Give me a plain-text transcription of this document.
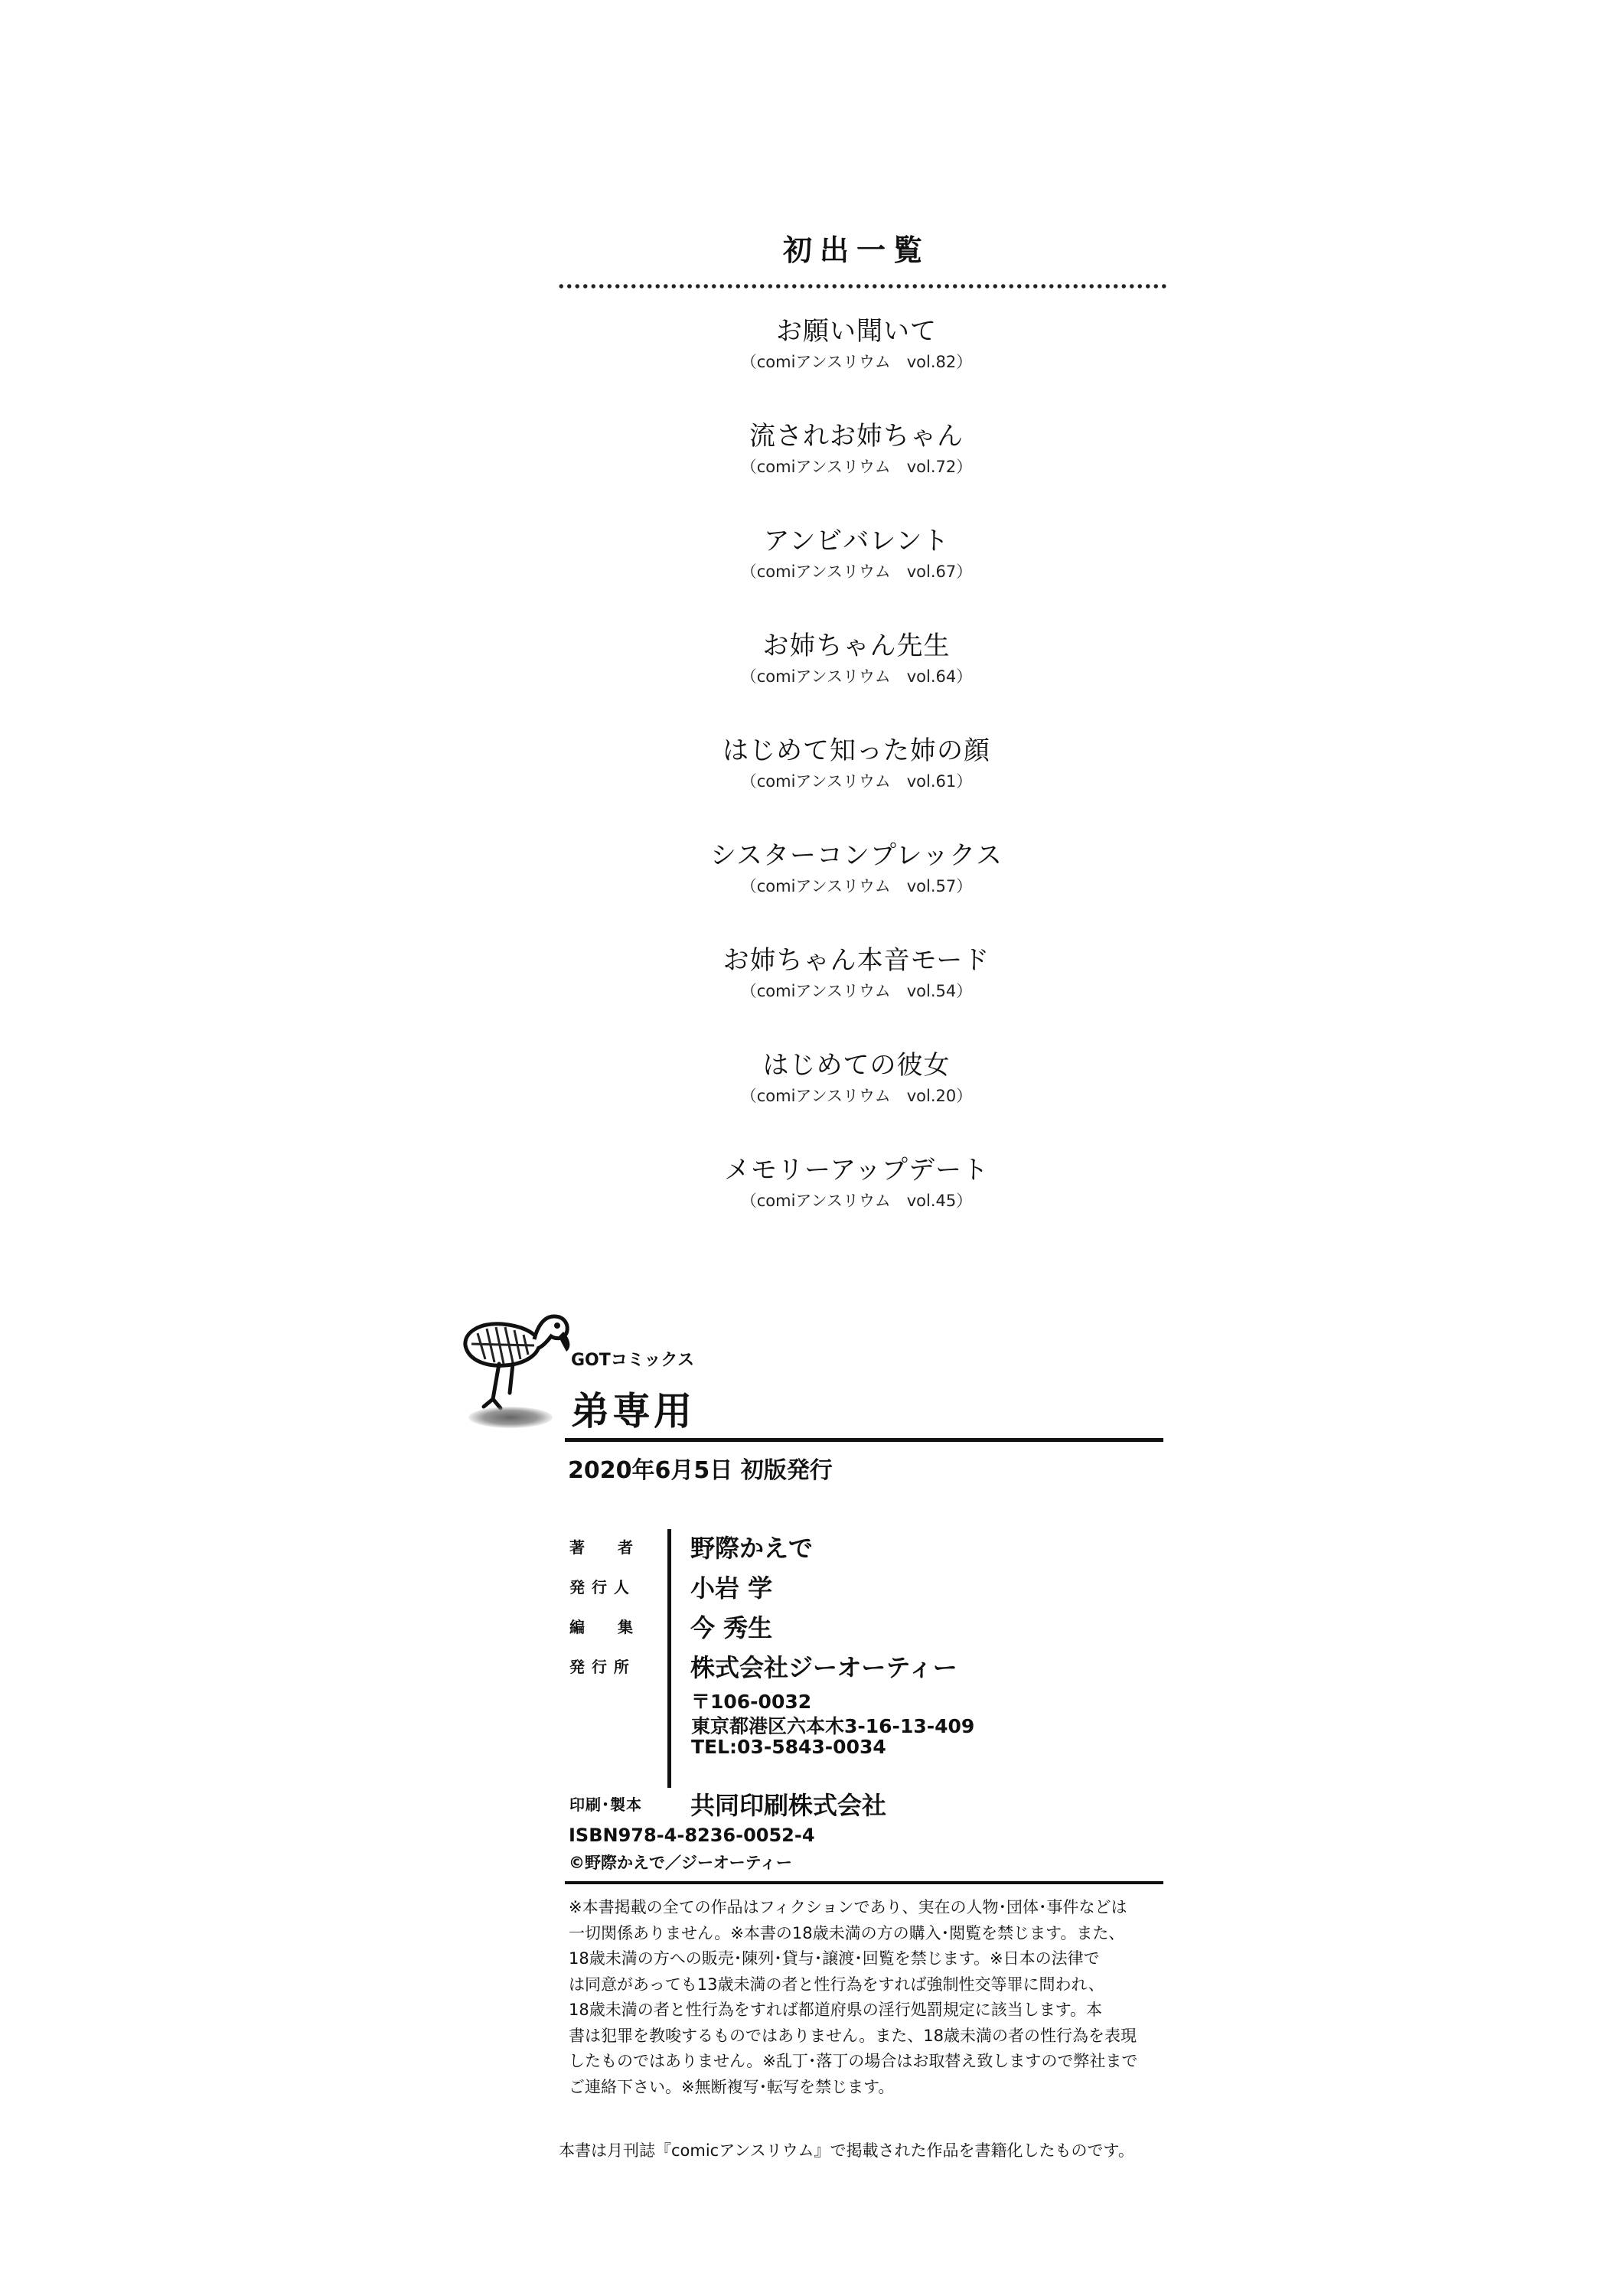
初出一覧
お願い聞いて
（comiアンスリウム　vol.82）
流されお姉ちゃん
（comiアンスリウム　vol.72）
アンビバレント
（comiアンスリウム　vol.67）
お姉ちゃん先生
（comiアンスリウム　vol.64）
はじめて知った姉の顔
（comiアンスリウム　vol.61）
シスターコンプレックス
（comiアンスリウム　vol.57）
お姉ちゃん本音モード
（comiアンスリウム　vol.54）
はじめての彼女
（comiアンスリウム　vol.20）
メモリーアップデート
（comiアンスリウム　vol.45）
GOTコミックス
弟専用
2020年6月5日 初版発行
著　　者	野際かえで
発 行 人	小岩 学
編　　集	今 秀生
発 行 所	株式会社ジーオーティー
〒106-0032
東京都港区六本木3-16-13-409
TEL:03-5843-0034
印刷･製本	共同印刷株式会社
ISBN978-4-8236-0052-4
©野際かえで／ジーオーティー
※本書掲載の全ての作品はフィクションであり、実在の人物･団体･事件などは
一切関係ありません。※本書の18歳未満の方の購入･閲覧を禁じます。また、
18歳未満の方への販売･陳列･貸与･譲渡･回覧を禁じます。※日本の法律で
は同意があっても13歳未満の者と性行為をすれば強制性交等罪に問われ、
18歳未満の者と性行為をすれば都道府県の淫行処罰規定に該当します。本
書は犯罪を教唆するものではありません。また、18歳未満の者の性行為を表現
したものではありません。※乱丁･落丁の場合はお取替え致しますので弊社まで
ご連絡下さい。※無断複写･転写を禁じます。
本書は月刊誌『comicアンスリウム』で掲載された作品を書籍化したものです。
